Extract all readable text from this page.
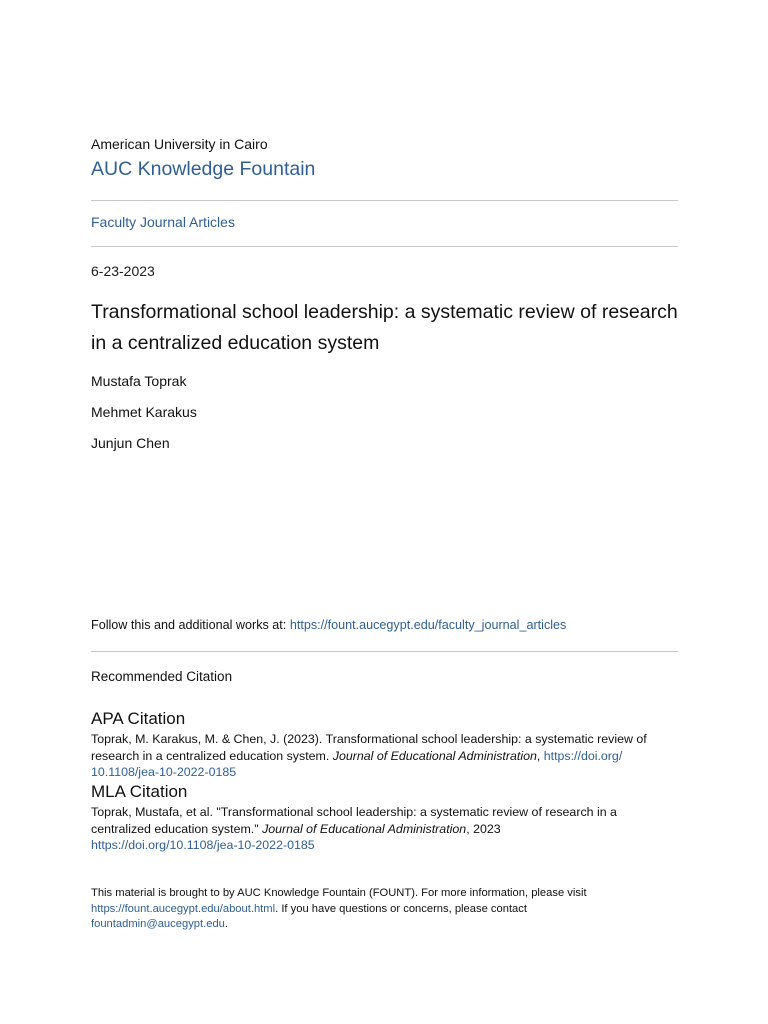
American University in Cairo
AUC Knowledge Fountain
Faculty Journal Articles
6-23-2023
Transformational school leadership: a systematic review of research in a centralized education system
Mustafa Toprak
Mehmet Karakus
Junjun Chen
Follow this and additional works at: https://fount.aucegypt.edu/faculty_journal_articles
Recommended Citation
APA Citation
Toprak, M. Karakus, M. & Chen, J. (2023). Transformational school leadership: a systematic review of research in a centralized education system. Journal of Educational Administration, https://doi.org/
10.1108/jea-10-2022-0185
MLA Citation
Toprak, Mustafa, et al. "Transformational school leadership: a systematic review of research in a centralized education system." Journal of Educational Administration, 2023
https://doi.org/10.1108/jea-10-2022-0185
This material is brought to by AUC Knowledge Fountain (FOUNT). For more information, please visit
https://fount.aucegypt.edu/about.html. If you have questions or concerns, please contact
fountadmin@aucegypt.edu.
